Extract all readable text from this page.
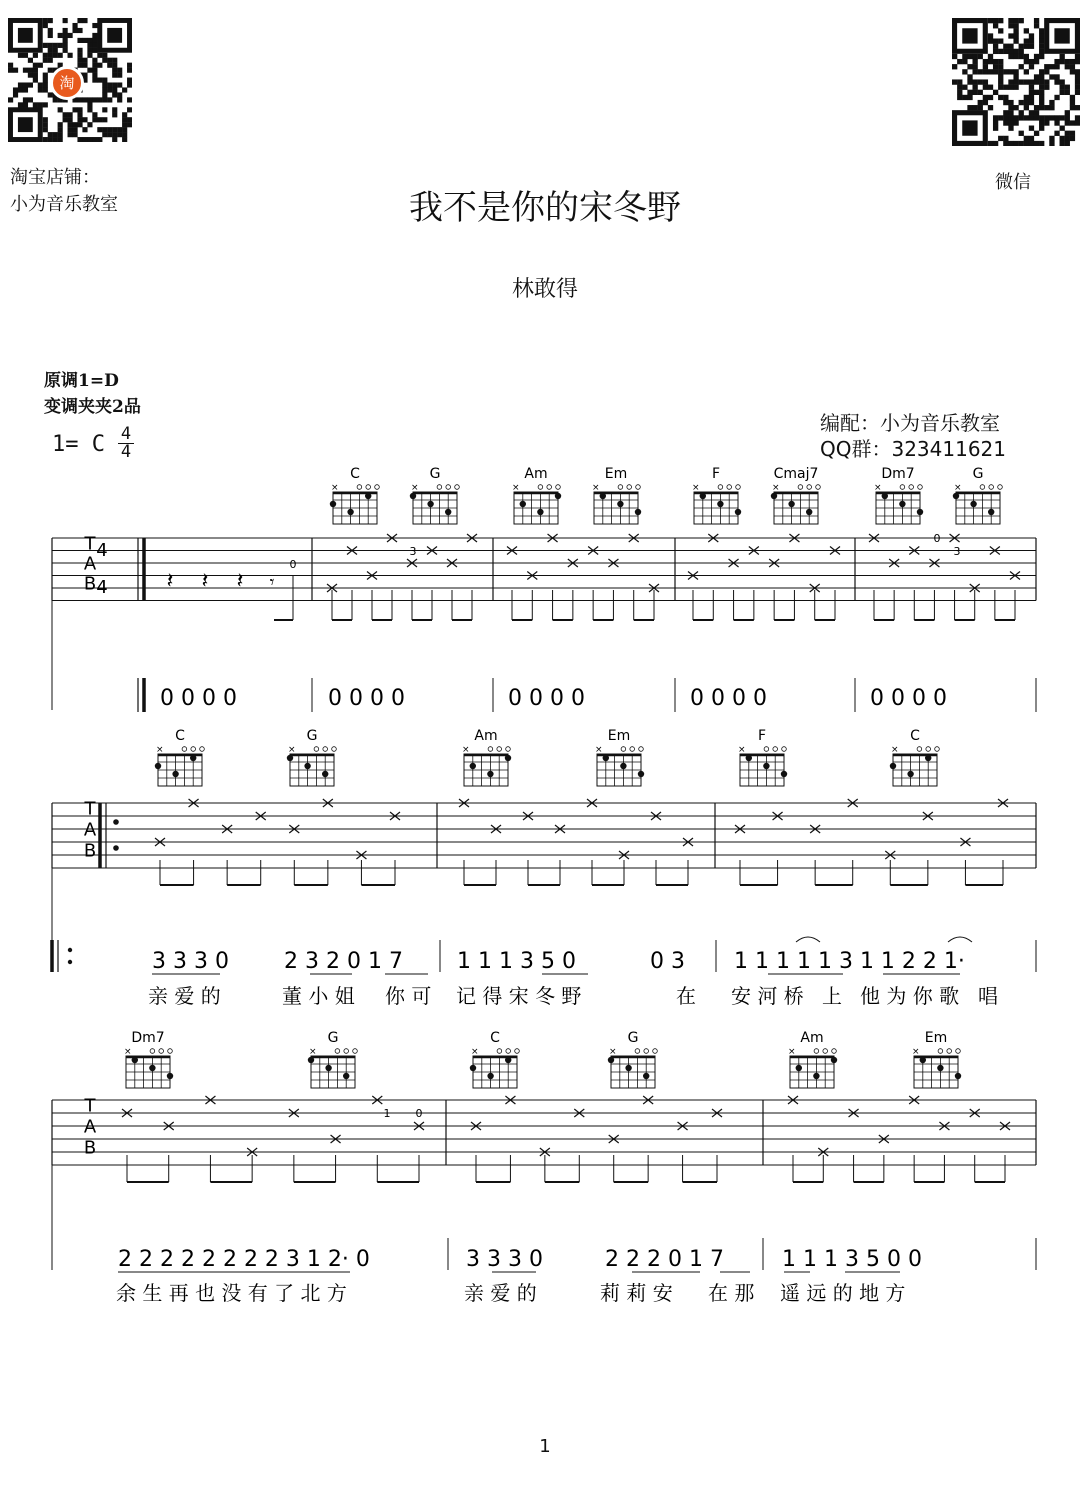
淘
淘宝店铺：
小为音乐教室
微信
我不是你的宋冬野
林敢得
原调1=D
变调夹夹2品
1= C $\frac{4}{4}$
编配：小为音乐教室
QQ群：323411621
C
×
G
×
Am
×
Em
×
F
×
Cmaj7
×
Dm7
×
G
×
T
A
B
4
4	𝄽 𝄽 𝄽 𝄾
0
3
0
3
0 0 0 0	0 0 0 0	0 0 0 0	0 0 0 0	0 0 0 0
C
×
G
×
Am
×
Em
×
F
×
C
×
T
A
B
3 3 3 0	2 3 2 0 1 7 1 1 1 3 5 0	0 3 1 1 1 1 1 3 1 1 2 2 1·
亲 爱 的	董 小 姐 你 可 记 得 宋 冬 野	在 安 河 桥 上 他 为 你 歌 唱
Dm7
×
G
×
C
×
G
×
Am
×
Em
×
T
A
B
1 0
2 2 2 2 2 2 2 2 3 1 2· 0	3 3 3 0	2 2 2 0 1 7	1 1 1 3 5 0 0
余 生 再 也 没 有 了 北 方	亲 爱 的	莉 莉 安 在 那 遥 远 的 地 方
1
